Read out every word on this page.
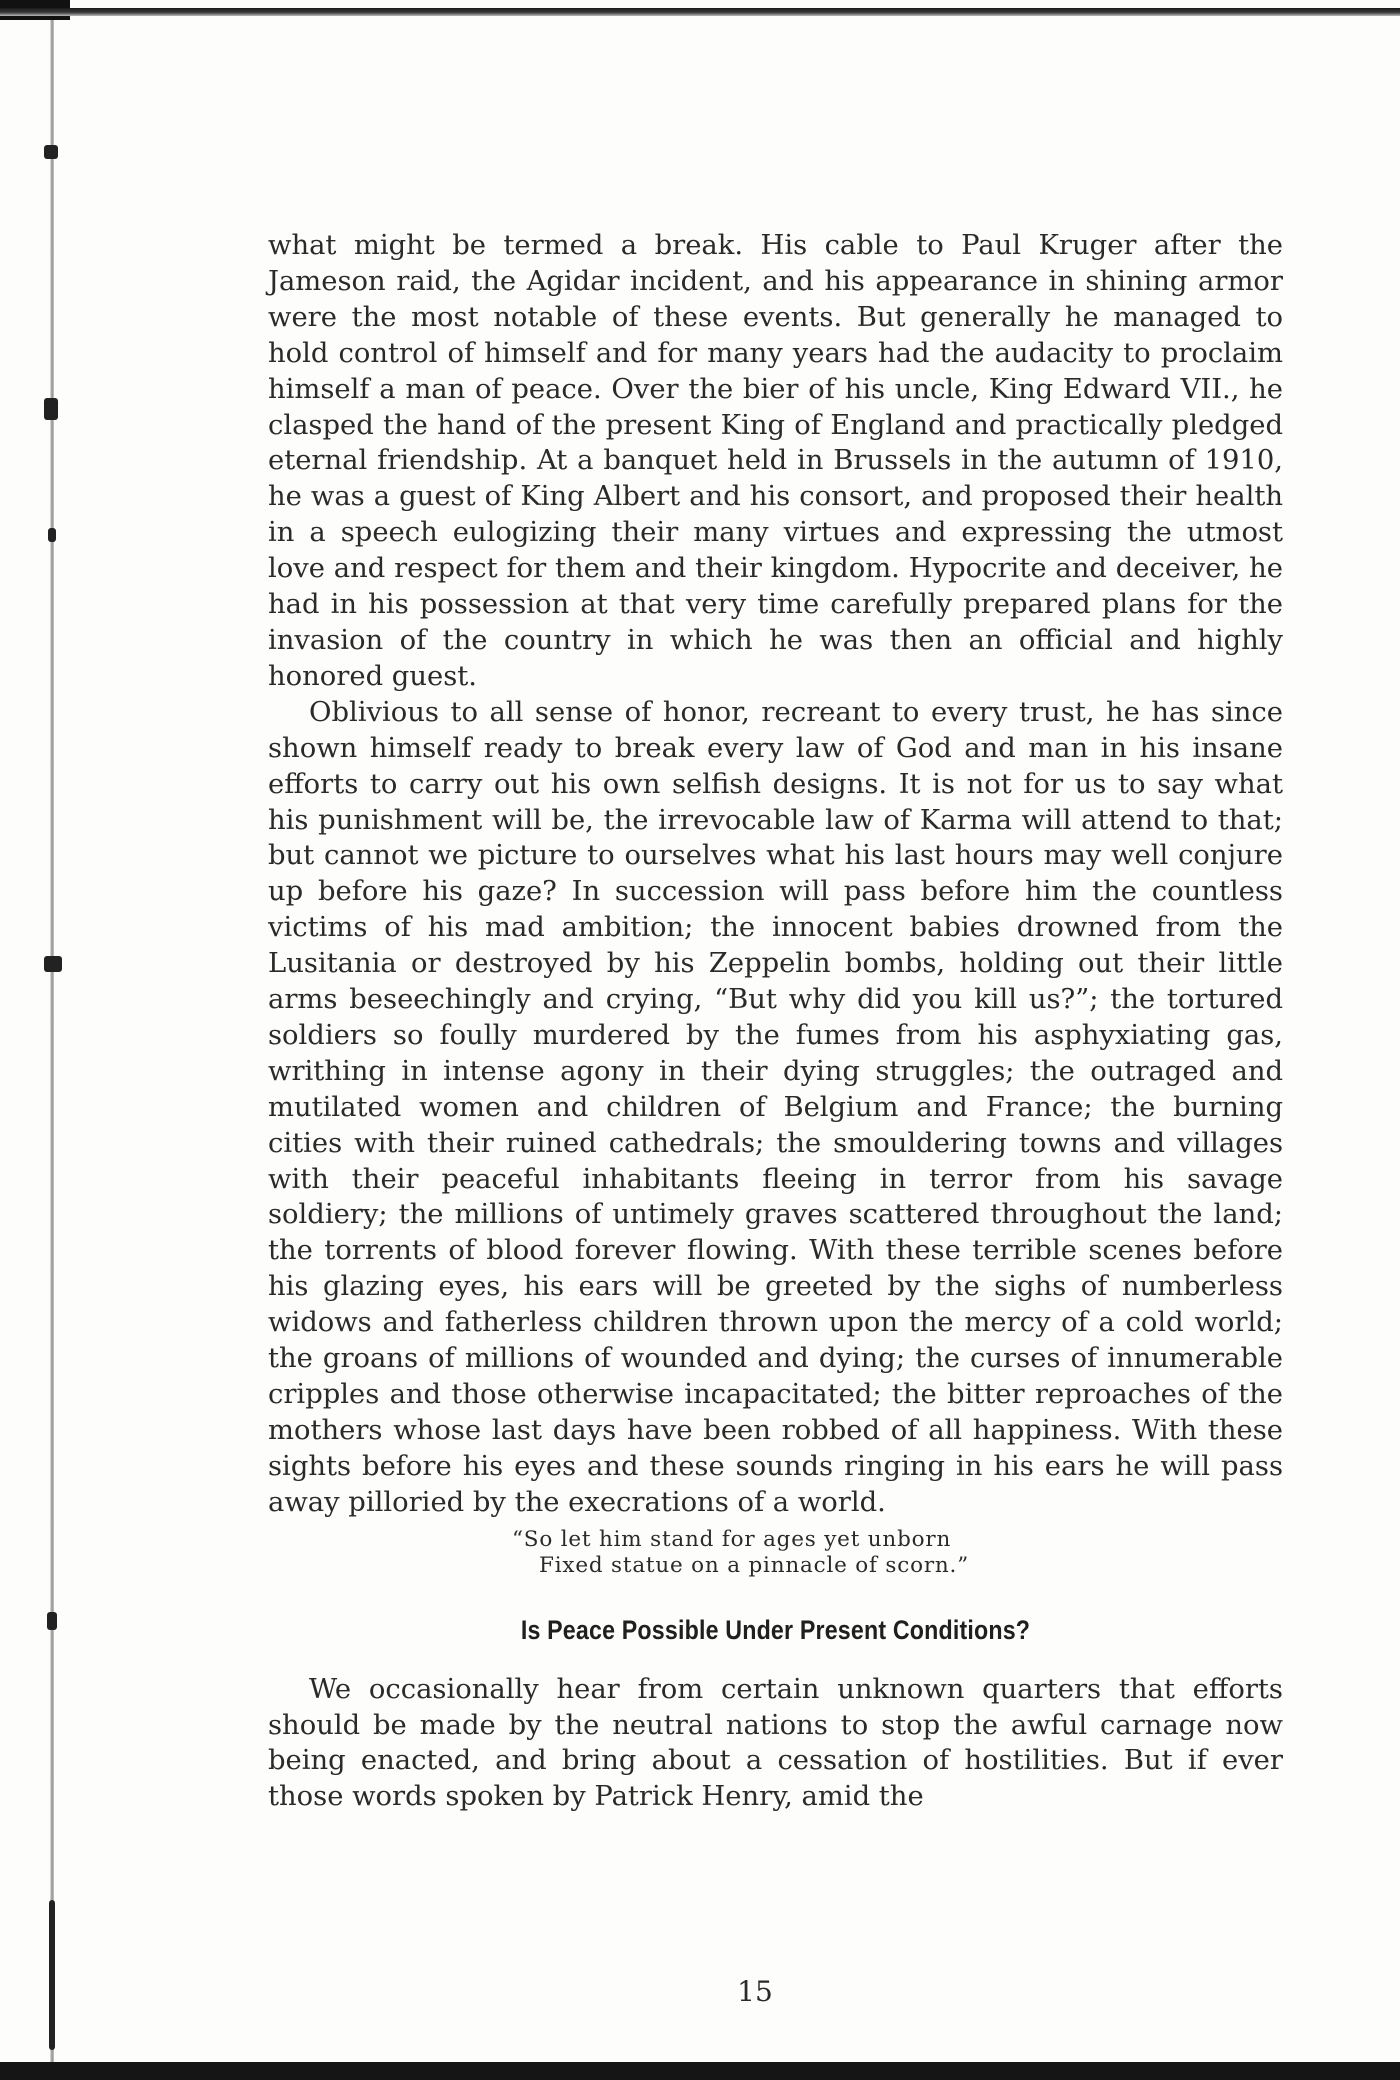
what might be termed a break. His cable to Paul Kruger after the Jameson raid, the Agidar incident, and his appearance in shining armor were the most notable of these events. But generally he managed to hold control of himself and for many years had the audacity to proclaim himself a man of peace. Over the bier of his uncle, King Edward VII., he clasped the hand of the present King of England and practically pledged eternal friendship. At a banquet held in Brussels in the autumn of 1910, he was a guest of King Albert and his consort, and proposed their health in a speech eulogizing their many virtues and expressing the utmost love and respect for them and their kingdom. Hypocrite and deceiver, he had in his possession at that very time carefully prepared plans for the invasion of the country in which he was then an official and highly honored guest.

Oblivious to all sense of honor, recreant to every trust, he has since shown himself ready to break every law of God and man in his insane efforts to carry out his own selfish designs. It is not for us to say what his punishment will be, the irrevocable law of Karma will attend to that; but cannot we picture to ourselves what his last hours may well conjure up before his gaze? In succession will pass before him the countless victims of his mad ambition; the innocent babies drowned from the Lusitania or destroyed by his Zeppelin bombs, holding out their little arms beseechingly and crying, “But why did you kill us?”; the tortured soldiers so foully murdered by the fumes from his asphyxiating gas, writhing in intense agony in their dying struggles; the outraged and mutilated women and children of Belgium and France; the burning cities with their ruined cathedrals; the smouldering towns and villages with their peaceful inhabitants fleeing in terror from his savage soldiery; the millions of untimely graves scattered throughout the land; the torrents of blood forever flowing. With these terrible scenes before his glazing eyes, his ears will be greeted by the sighs of numberless widows and fatherless children thrown upon the mercy of a cold world; the groans of millions of wounded and dying; the curses of innumerable cripples and those otherwise incapacitated; the bitter reproaches of the mothers whose last days have been robbed of all happiness. With these sights before his eyes and these sounds ringing in his ears he will pass away pilloried by the execrations of a world.

“So let him stand for ages yet unborn
Fixed statue on a pinnacle of scorn.”
Is Peace Possible Under Present Conditions?

We occasionally hear from certain unknown quarters that efforts should be made by the neutral nations to stop the awful carnage now being enacted, and bring about a cessation of hostilities. But if ever those words spoken by Patrick Henry, amid the

15
